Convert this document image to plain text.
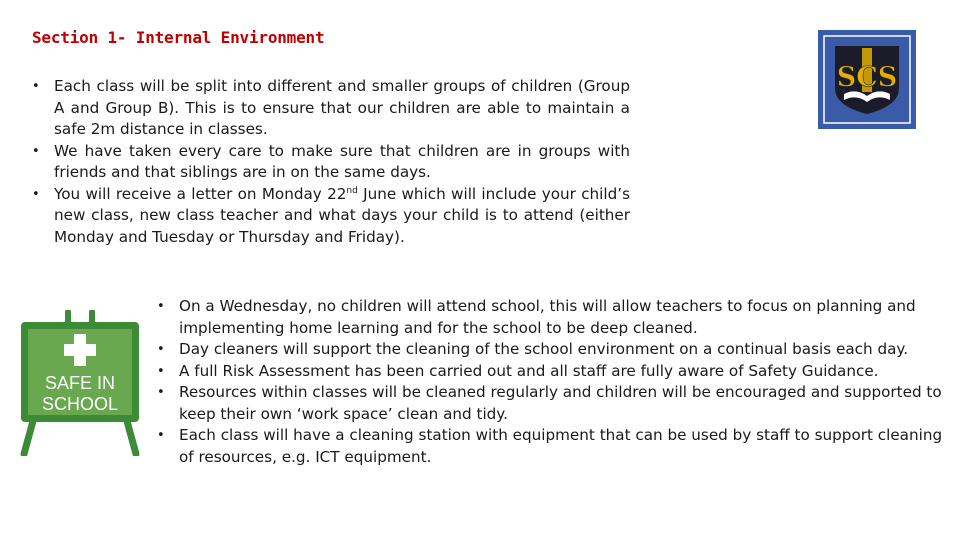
Section 1- Internal Environment
• Each class will be split into different and smaller groups of children (Group A and Group B). This is to ensure that our children are able to maintain a safe 2m distance in classes.
• We have taken every care to make sure that children are in groups with friends and that siblings are in on the same days.
• You will receive a letter on Monday 22nd June which will include your child’s new class, new class teacher and what days your child is to attend (either Monday and Tuesday or Thursday and Friday).
SCS
SAFE IN
SCHOOL
• On a Wednesday, no children will attend school, this will allow teachers to focus on planning and implementing home learning and for the school to be deep cleaned.
• Day cleaners will support the cleaning of the school environment on a continual basis each day.
• A full Risk Assessment has been carried out and all staff are fully aware of Safety Guidance.
• Resources within classes will be cleaned regularly and children will be encouraged and supported to keep their own ‘work space’ clean and tidy.
• Each class will have a cleaning station with equipment that can be used by staff to support cleaning of resources, e.g. ICT equipment.
